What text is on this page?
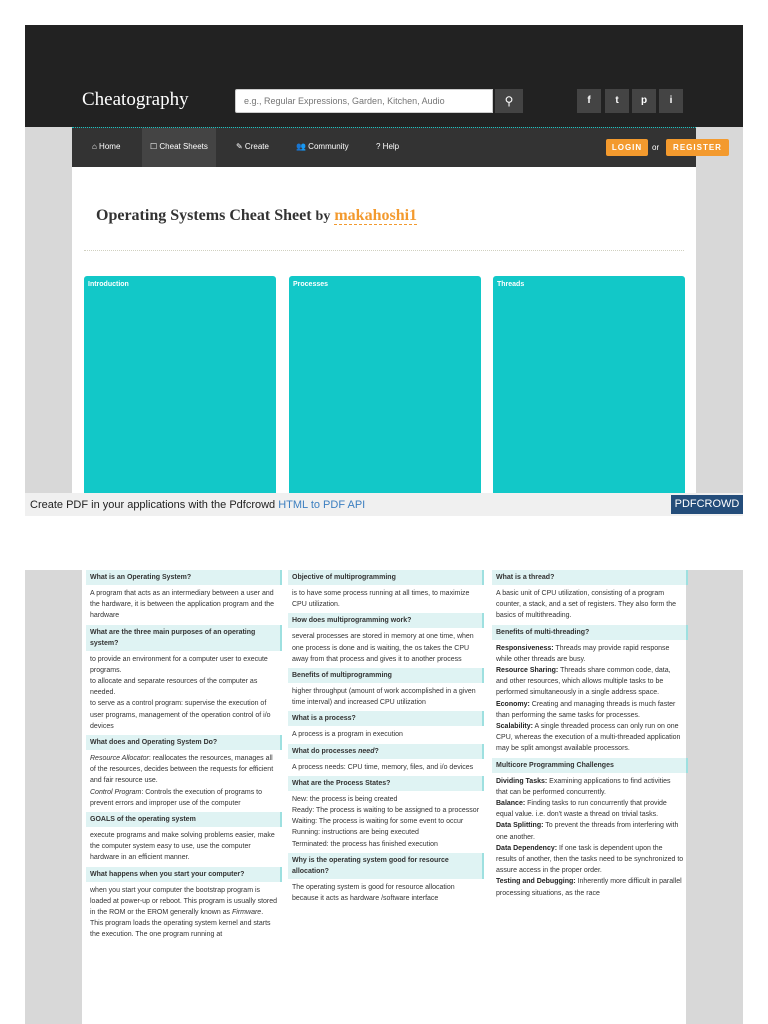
Cheatography
e.g., Regular Expressions, Garden, Kitchen, Audio	⚲	f	t	p	i
⌂ Home	☐ Cheat Sheets	✎ Create	👥 Community	? Help	LOGIN	or	REGISTER
Operating Systems Cheat Sheet by makahoshi1
Introduction	Processes	Threads
Create PDF in your applications with the Pdfcrowd HTML to PDF API	PDFCROWD
What is an Operating System?
A program that acts as an intermediary between a user and the hardware, it is between the application program and the hardware
What are the three main purposes of an operating system?
to provide an environment for a computer user to execute programs.
to allocate and separate resources of the computer as needed.
to serve as a control program: supervise the execution of user programs, management of the operation control of i/o devices
What does and Operating System Do?
Resource Allocator: reallocates the resources, manages all of the resources, decides between the requests for efficient and fair resource use.
Control Program: Controls the execution of programs to prevent errors and improper use of the computer
GOALS of the operating system
execute programs and make solving problems easier, make the computer system easy to use, use the computer hardware in an efficient manner.
What happens when you start your computer?
when you start your computer the bootstrap program is loaded at power-up or reboot. This program is usually stored in the ROM or the EROM generally known as Firmware. This program loads the operating system kernel and starts the execution. The one program running at
Objective of multiprogramming
is to have some process running at all times, to maximize CPU utilization.
How does multiprogramming work?
several processes are stored in memory at one time, when one process is done and is waiting, the os takes the CPU away from that process and gives it to another process
Benefits of multiprogramming
higher throughput (amount of work accomplished in a given time interval) and increased CPU utilization
What is a process?
A process is a program in execution
What do processes need?
A process needs: CPU time, memory, files, and i/o devices
What are the Process States?
New: the process is being created
Ready: The process is waiting to be assigned to a processor
Waiting: The process is waiting for some event to occur
Running: instructions are being executed
Terminated: the process has finished execution
Why is the operating system good for resource allocation?
The operating system is good for resource allocation because it acts as hardware /software interface
What is a thread?
A basic unit of CPU utilization, consisting of a program counter, a stack, and a set of registers. They also form the basics of multithreading.
Benefits of multi-threading?
Responsiveness: Threads may provide rapid response while other threads are busy.
Resource Sharing: Threads share common code, data, and other resources, which allows multiple tasks to be performed simultaneously in a single address space.
Economy: Creating and managing threads is much faster than performing the same tasks for processes.
Scalability: A single threaded process can only run on one CPU, whereas the execution of a multi-threaded application may be split amongst available processors.
Multicore Programming Challenges
Dividing Tasks: Examining applications to find activities that can be performed concurrently.
Balance: Finding tasks to run concurrently that provide equal value. i.e. don't waste a thread on trivial tasks.
Data Splitting: To prevent the threads from interfering with one another.
Data Dependency: If one task is dependent upon the results of another, then the tasks need to be synchronized to assure access in the proper order.
Testing and Debugging: Inherently more difficult in parallel processing situations, as the race
